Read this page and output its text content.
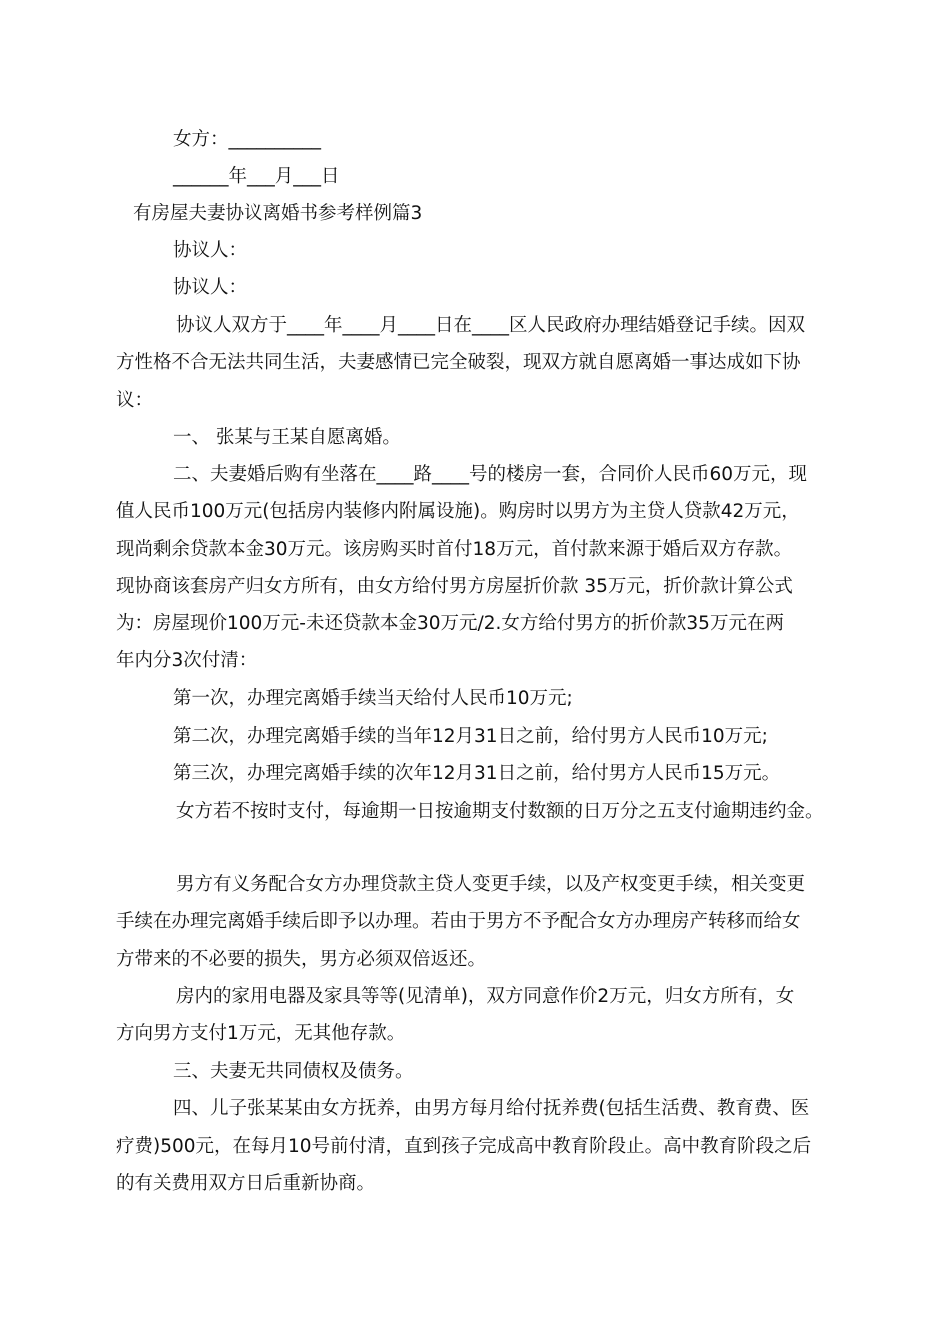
女方：__________

______年___月___日

有房屋夫妻协议离婚书参考样例篇3

协议人：

协议人：

协议人双方于____年____月____日在____区人民政府办理结婚登记手续。因双

方性格不合无法共同生活，夫妻感情已完全破裂，现双方就自愿离婚一事达成如下协

议：

一、 张某与王某自愿离婚。

二、夫妻婚后购有坐落在____路____号的楼房一套，合同价人民币60万元，现

值人民币100万元(包括房内装修内附属设施)。购房时以男方为主贷人贷款42万元，

现尚剩余贷款本金30万元。该房购买时首付18万元，首付款来源于婚后双方存款。

现协商该套房产归女方所有，由女方给付男方房屋折价款 35万元，折价款计算公式

为：房屋现价100万元-未还贷款本金30万元/2.女方给付男方的折价款35万元在两

年内分3次付清：

第一次，办理完离婚手续当天给付人民币10万元;

第二次，办理完离婚手续的当年12月31日之前，给付男方人民币10万元;

第三次，办理完离婚手续的次年12月31日之前，给付男方人民币15万元。

女方若不按时支付，每逾期一日按逾期支付数额的日万分之五支付逾期违约金。

男方有义务配合女方办理贷款主贷人变更手续，以及产权变更手续，相关变更

手续在办理完离婚手续后即予以办理。若由于男方不予配合女方办理房产转移而给女

方带来的不必要的损失，男方必须双倍返还。

房内的家用电器及家具等等(见清单)，双方同意作价2万元，归女方所有，女

方向男方支付1万元，无其他存款。

三、夫妻无共同债权及债务。

四、儿子张某某由女方抚养，由男方每月给付抚养费(包括生活费、教育费、医

疗费)500元，在每月10号前付清，直到孩子完成高中教育阶段止。高中教育阶段之后

的有关费用双方日后重新协商。
